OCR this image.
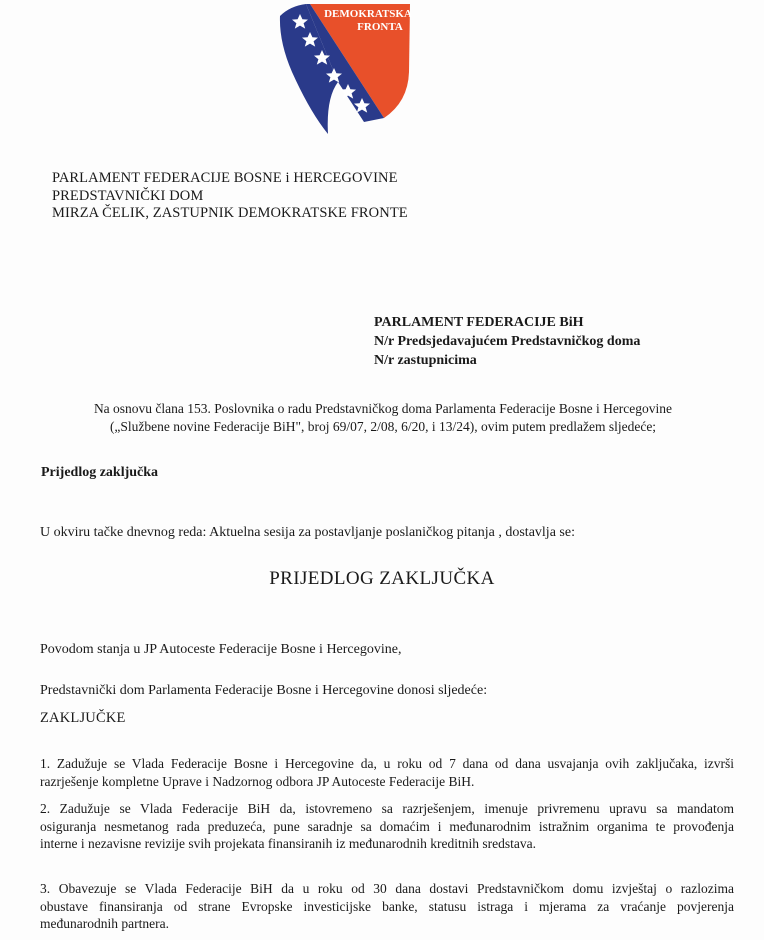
DEMOKRATSKA
FRONTA
PARLAMENT FEDERACIJE BOSNE i HERCEGOVINE
PREDSTAVNIČKI DOM
MIRZA ČELIK, ZASTUPNIK DEMOKRATSKE FRONTE
PARLAMENT FEDERACIJE BiH
N/r Predsjedavajućem Predstavničkog doma
N/r zastupnicima
Na osnovu člana 153. Poslovnika o radu Predstavničkog doma Parlamenta Federacije Bosne i Hercegovine
(„Službene novine Federacije BiH", broj 69/07, 2/08, 6/20, i 13/24), ovim putem predlažem sljedeće;
Prijedlog zaključka
U okviru tačke dnevnog reda: Aktuelna sesija za postavljanje poslaničkog pitanja , dostavlja se:
PRIJEDLOG ZAKLJUČKA
Povodom stanja u JP Autoceste Federacije Bosne i Hercegovine,
Predstavnički dom Parlamenta Federacije Bosne i Hercegovine donosi sljedeće:
ZAKLJUČKE
1. Zadužuje se Vlada Federacije Bosne i Hercegovine da, u roku od 7 dana od dana usvajanja ovih zaključaka, izvrši
razrješenje kompletne Uprave i Nadzornog odbora JP Autoceste Federacije BiH.
2. Zadužuje se Vlada Federacije BiH da, istovremeno sa razrješenjem, imenuje privremenu upravu sa mandatom
osiguranja nesmetanog rada preduzeća, pune saradnje sa domaćim i međunarodnim istražnim organima te provođenja
interne i nezavisne revizije svih projekata finansiranih iz međunarodnih kreditnih sredstava.
3. Obavezuje se Vlada Federacije BiH da u roku od 30 dana dostavi Predstavničkom domu izvještaj o razlozima
obustave finansiranja od strane Evropske investicijske banke, statusu istraga i mjerama za vraćanje povjerenja
međunarodnih partnera.
